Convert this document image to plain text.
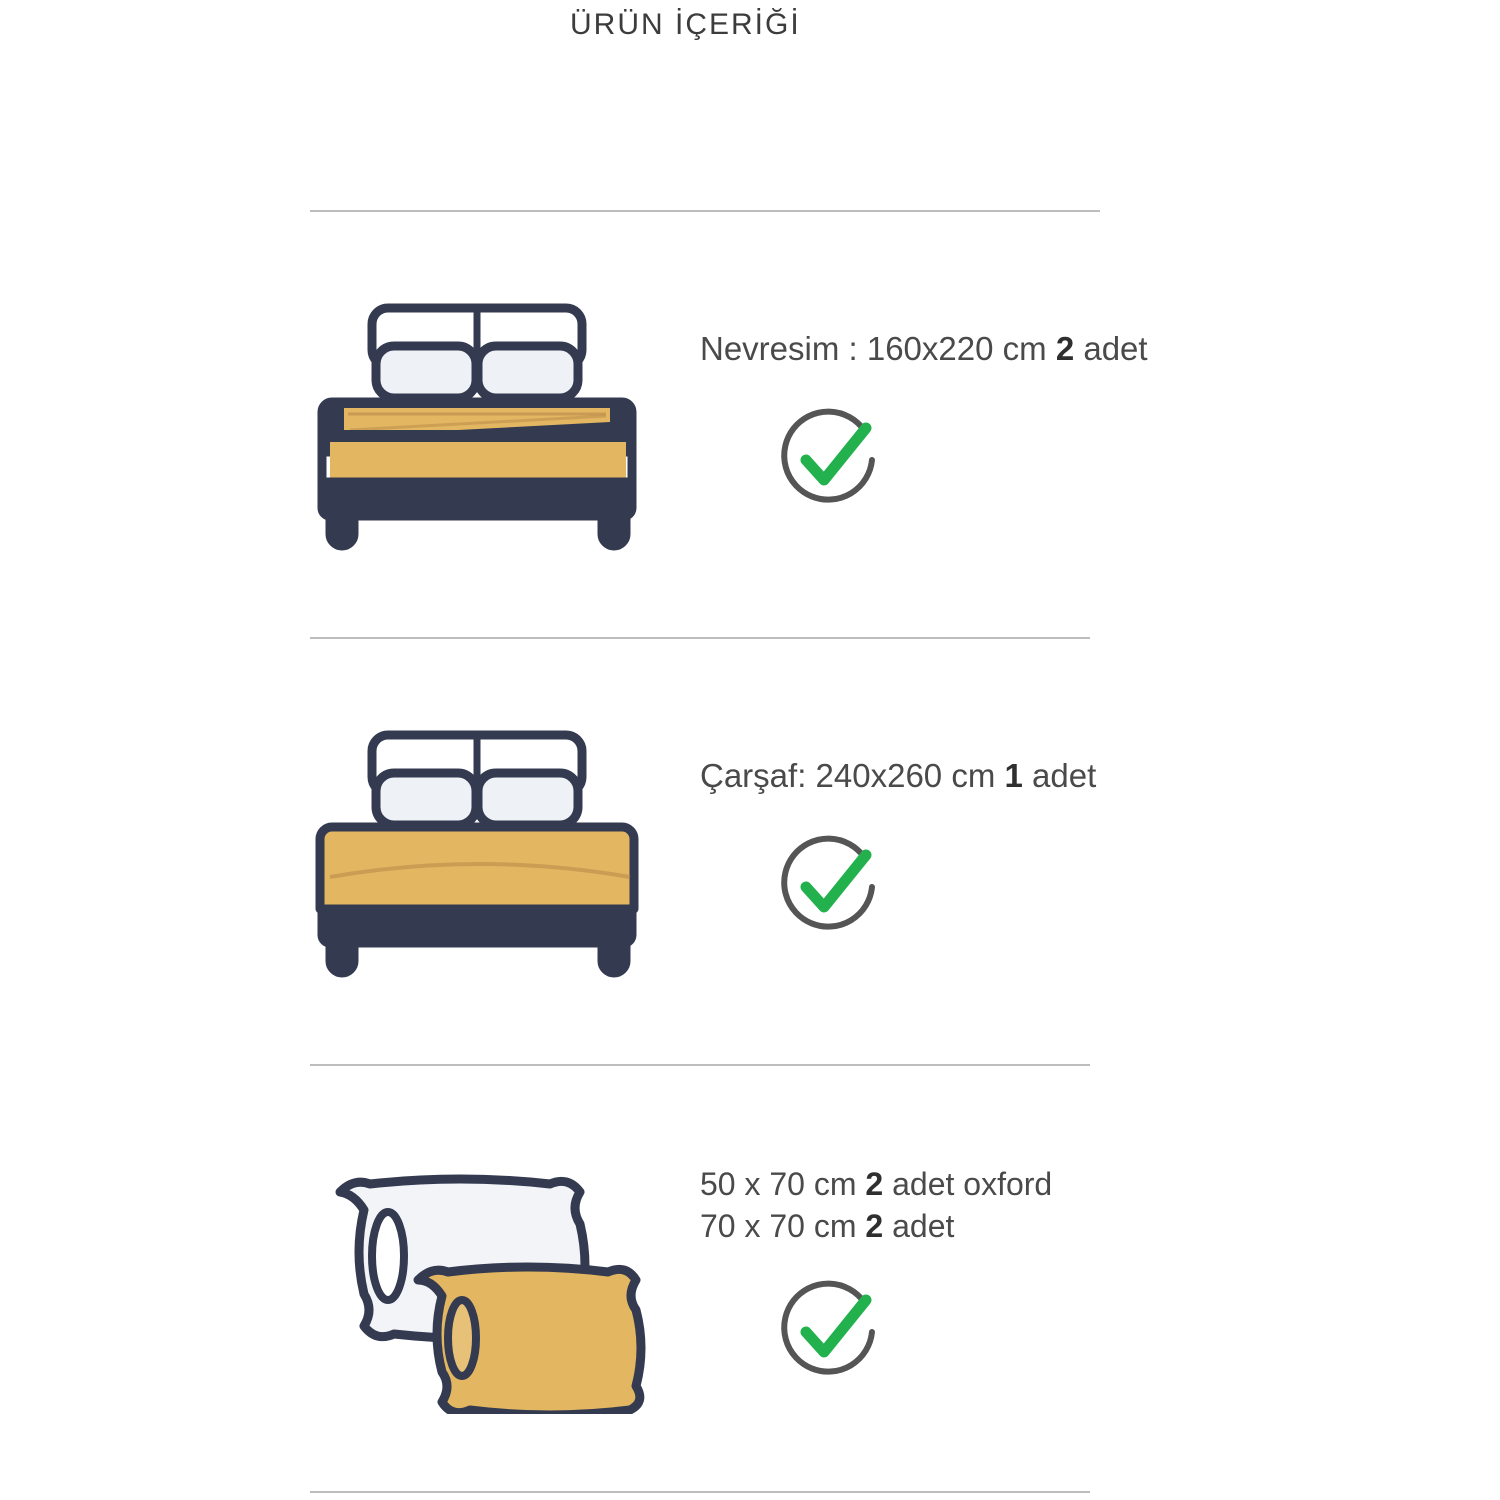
ÜRÜN İÇERİĞİ
Nevresim : 160x220 cm 2 adet
Çarşaf: 240x260 cm 1 adet
50 x 70 cm 2 adet oxford
70 x 70 cm 2 adet
